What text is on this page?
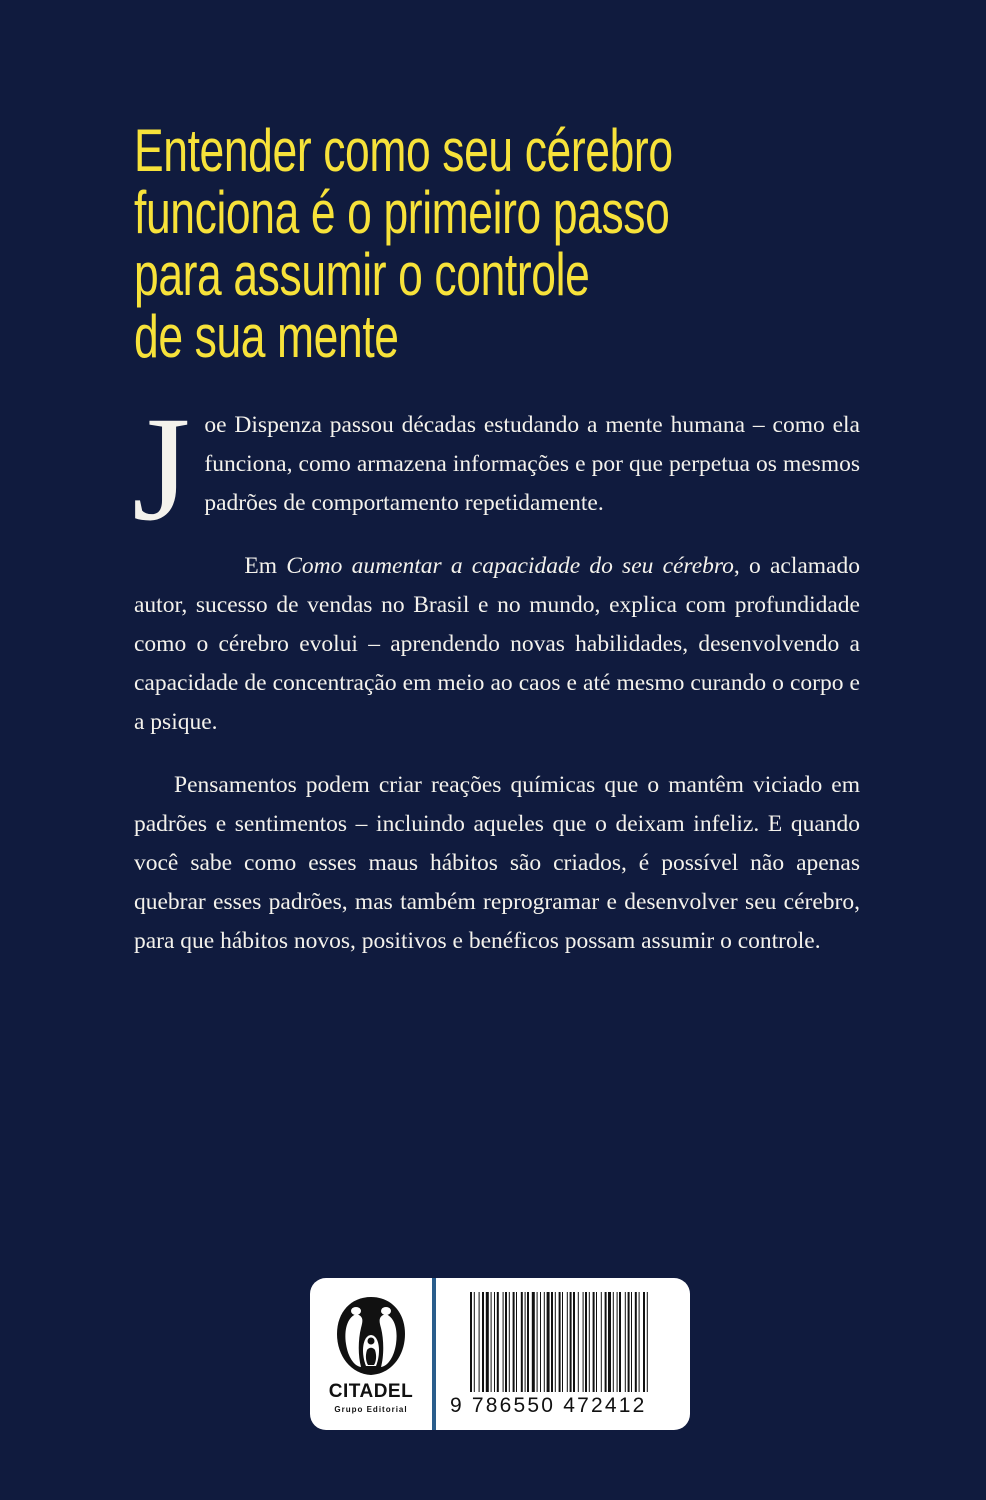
Entender como seu cérebro
funciona é o primeiro passo
para assumir o controle
de sua mente

Joe Dispenza passou décadas estudando a mente humana – como ela funciona, como armazena informações e por que perpetua os mesmos padrões de comportamento repetidamente.

Em Como aumentar a capacidade do seu cérebro, o aclamado autor, sucesso de vendas no Brasil e no mundo, explica com profundidade como o cérebro evolui – aprendendo novas habilidades, desenvolvendo a capacidade de concentração em meio ao caos e até mesmo curando o corpo e a psique.

Pensamentos podem criar reações químicas que o mantêm viciado em padrões e sentimentos – incluindo aqueles que o deixam infeliz. E quando você sabe como esses maus hábitos são criados, é possível não apenas quebrar esses padrões, mas também reprogramar e desenvolver seu cérebro, para que hábitos novos, positivos e benéficos possam assumir o controle.

CITADEL
Grupo Editorial	9 786550 472412
